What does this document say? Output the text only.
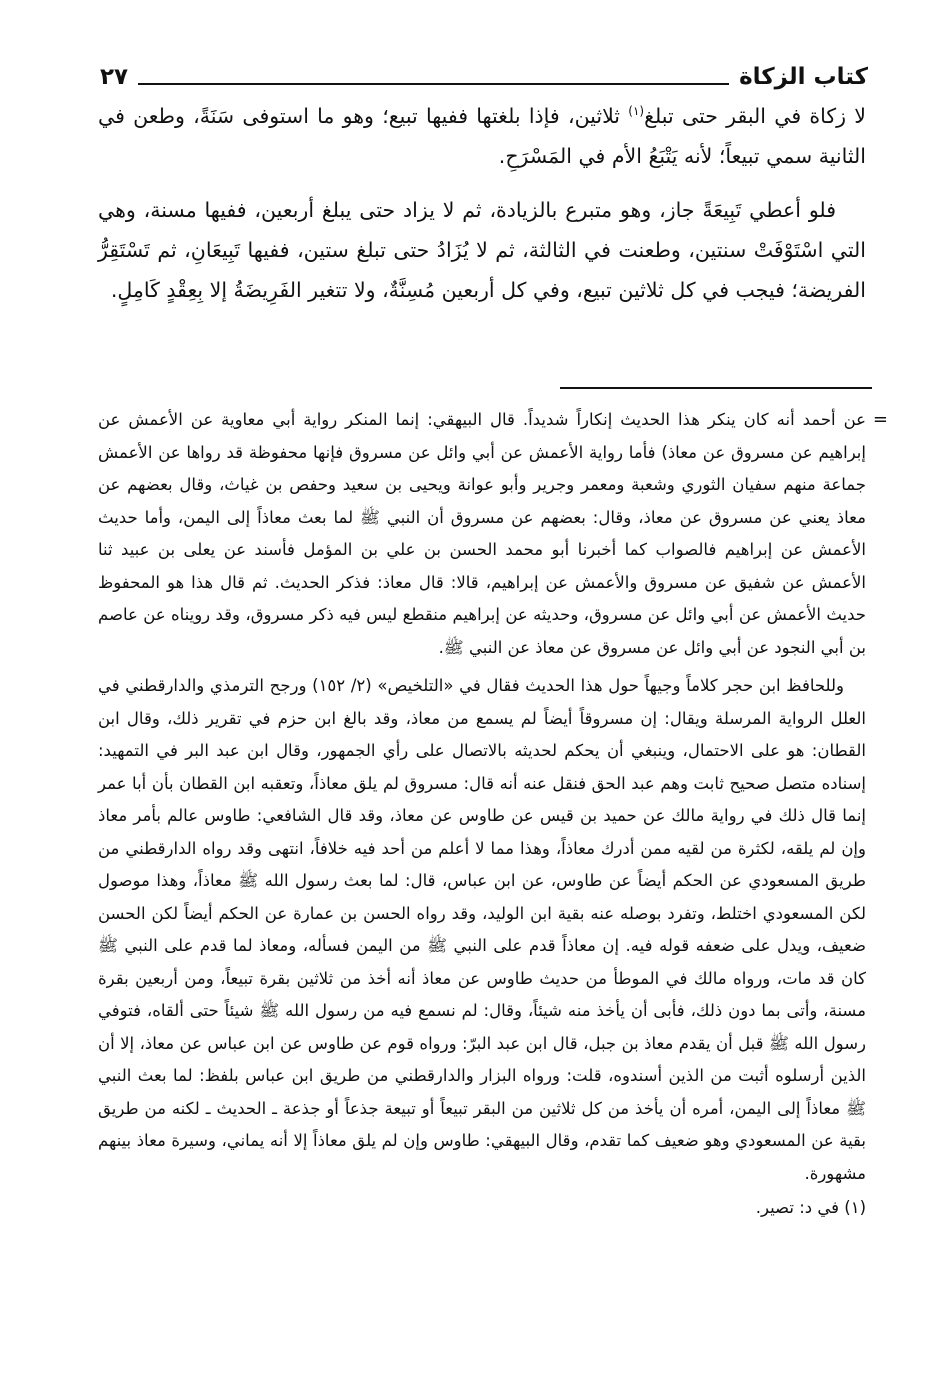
كتاب الزكاة
٢٧

لا زكاة في البقر حتى تبلغ$^{(١)}$ ثلاثين، فإذا بلغتها ففيها تبيع؛ وهو ما استوفى سَنَةً، وطعن في الثانية سمي تبيعاً؛ لأنه يَتْبَعُ الأم في المَسْرَحِ.

فلو أعطي تَبِيعَةً جاز، وهو متبرع بالزيادة، ثم لا يزاد حتى يبلغ أربعين، ففيها مسنة، وهي التي اسْتَوْفَتْ سنتين، وطعنت في الثالثة، ثم لا يُزَادُ حتى تبلغ ستين، ففيها تَبِيعَانِ، ثم تَسْتَقِرُّ الفريضة؛ فيجب في كل ثلاثين تبيع، وفي كل أربعين مُسِنَّةٌ، ولا تتغير الفَرِيضَةُ إلا بِعِقْدٍ كَامِلٍ.

=

عن أحمد أنه كان ينكر هذا الحديث إنكاراً شديداً. قال البيهقي: إنما المنكر رواية أبي معاوية عن الأعمش عن إبراهيم عن مسروق عن معاذ) فأما رواية الأعمش عن أبي وائل عن مسروق فإنها محفوظة قد رواها عن الأعمش جماعة منهم سفيان الثوري وشعبة ومعمر وجرير وأبو عوانة ويحيى بن سعيد وحفص بن غياث، وقال بعضهم عن معاذ يعني عن مسروق عن معاذ، وقال: بعضهم عن مسروق أن النبي ﷺ لما بعث معاذاً إلى اليمن، وأما حديث الأعمش عن إبراهيم فالصواب كما أخبرنا أبو محمد الحسن بن علي بن المؤمل فأسند عن يعلى بن عبيد ثنا الأعمش عن شفيق عن مسروق والأعمش عن إبراهيم، قالا: قال معاذ: فذكر الحديث. ثم قال هذا هو المحفوظ حديث الأعمش عن أبي وائل عن مسروق، وحديثه عن إبراهيم منقطع ليس فيه ذكر مسروق، وقد رويناه عن عاصم بن أبي النجود عن أبي وائل عن مسروق عن معاذ عن النبي ﷺ.

وللحافظ ابن حجر كلاماً وجيهاً حول هذا الحديث فقال في «التلخيص» (٢/ ١٥٢) ورجح الترمذي والدارقطني في العلل الرواية المرسلة ويقال: إن مسروقاً أيضاً لم يسمع من معاذ، وقد بالغ ابن حزم في تقرير ذلك، وقال ابن القطان: هو على الاحتمال، وينبغي أن يحكم لحديثه بالاتصال على رأي الجمهور، وقال ابن عبد البر في التمهيد: إسناده متصل صحيح ثابت وهم عبد الحق فنقل عنه أنه قال: مسروق لم يلق معاذاً، وتعقبه ابن القطان بأن أبا عمر إنما قال ذلك في رواية مالك عن حميد بن قيس عن طاوس عن معاذ، وقد قال الشافعي: طاوس عالم بأمر معاذ وإن لم يلقه، لكثرة من لقيه ممن أدرك معاذاً، وهذا مما لا أعلم من أحد فيه خلافاً، انتهى وقد رواه الدارقطني من طريق المسعودي عن الحكم أيضاً عن طاوس، عن ابن عباس، قال: لما بعث رسول الله ﷺ معاذاً، وهذا موصول لكن المسعودي اختلط، وتفرد بوصله عنه بقية ابن الوليد، وقد رواه الحسن بن عمارة عن الحكم أيضاً لكن الحسن ضعيف، ويدل على ضعفه قوله فيه. إن معاذاً قدم على النبي ﷺ من اليمن فسأله، ومعاذ لما قدم على النبي ﷺ كان قد مات، ورواه مالك في الموطأ من حديث طاوس عن معاذ أنه أخذ من ثلاثين بقرة تبيعاً، ومن أربعين بقرة مسنة، وأتى بما دون ذلك، فأبى أن يأخذ منه شيئاً، وقال: لم نسمع فيه من رسول الله ﷺ شيئاً حتى ألقاه، فتوفي رسول الله ﷺ قبل أن يقدم معاذ بن جبل، قال ابن عبد البرّ: ورواه قوم عن طاوس عن ابن عباس عن معاذ، إلا أن الذين أرسلوه أثبت من الذين أسندوه، قلت: ورواه البزار والدارقطني من طريق ابن عباس بلفظ: لما بعث النبي ﷺ معاذاً إلى اليمن، أمره أن يأخذ من كل ثلاثين من البقر تبيعاً أو تبيعة جذعاً أو جذعة ـ الحديث ـ لكنه من طريق بقية عن المسعودي وهو ضعيف كما تقدم، وقال البيهقي: طاوس وإن لم يلق معاذاً إلا أنه يماني، وسيرة معاذ بينهم مشهورة.

(١) في د: تصير.
